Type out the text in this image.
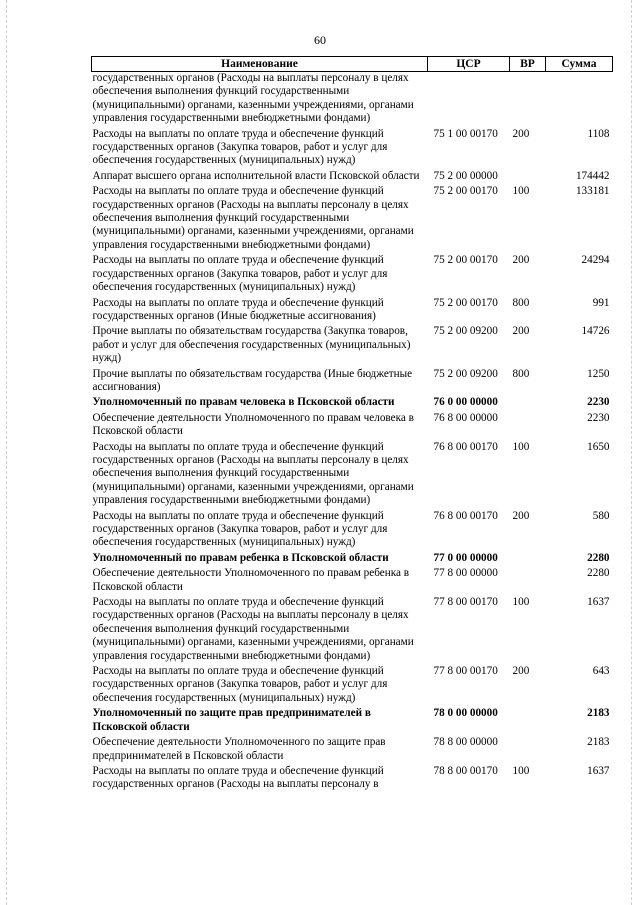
60
Наименование	ЦСР	ВР	Сумма
государственных органов (Расходы на выплаты персоналу в целях обеспечения выполнения функций государственными (муниципальными) органами, казенными учреждениями, органами управления государственными внебюджетными фондами)			
Расходы на выплаты по оплате труда и обеспечение функций государственных органов (Закупка товаров, работ и услуг для обеспечения государственных (муниципальных) нужд)	75 1 00 00170	200	1108
Аппарат высшего органа исполнительной власти Псковской области	75 2 00 00000		174442
Расходы на выплаты по оплате труда и обеспечение функций государственных органов (Расходы на выплаты персоналу в целях обеспечения выполнения функций государственными (муниципальными) органами, казенными учреждениями, органами управления государственными внебюджетными фондами)	75 2 00 00170	100	133181
Расходы на выплаты по оплате труда и обеспечение функций государственных органов (Закупка товаров, работ и услуг для обеспечения государственных (муниципальных) нужд)	75 2 00 00170	200	24294
Расходы на выплаты по оплате труда и обеспечение функций государственных органов (Иные бюджетные ассигнования)	75 2 00 00170	800	991
Прочие выплаты по обязательствам государства (Закупка товаров, работ и услуг для обеспечения государственных (муниципальных) нужд)	75 2 00 09200	200	14726
Прочие выплаты по обязательствам государства (Иные бюджетные ассигнования)	75 2 00 09200	800	1250
Уполномоченный по правам человека в Псковской области	76 0 00 00000		2230
Обеспечение деятельности Уполномоченного по правам человека в Псковской области	76 8 00 00000		2230
Расходы на выплаты по оплате труда и обеспечение функций государственных органов (Расходы на выплаты персоналу в целях обеспечения выполнения функций государственными (муниципальными) органами, казенными учреждениями, органами управления государственными внебюджетными фондами)	76 8 00 00170	100	1650
Расходы на выплаты по оплате труда и обеспечение функций государственных органов (Закупка товаров, работ и услуг для обеспечения государственных (муниципальных) нужд)	76 8 00 00170	200	580
Уполномоченный по правам ребенка в Псковской области	77 0 00 00000		2280
Обеспечение деятельности Уполномоченного по правам ребенка в Псковской области	77 8 00 00000		2280
Расходы на выплаты по оплате труда и обеспечение функций государственных органов (Расходы на выплаты персоналу в целях обеспечения выполнения функций государственными (муниципальными) органами, казенными учреждениями, органами управления государственными внебюджетными фондами)	77 8 00 00170	100	1637
Расходы на выплаты по оплате труда и обеспечение функций государственных органов (Закупка товаров, работ и услуг для обеспечения государственных (муниципальных) нужд)	77 8 00 00170	200	643
Уполномоченный по защите прав предпринимателей в Псковской области	78 0 00 00000		2183
Обеспечение деятельности Уполномоченного по защите прав предпринимателей в Псковской области	78 8 00 00000		2183
Расходы на выплаты по оплате труда и обеспечение функций государственных органов (Расходы на выплаты персоналу в	78 8 00 00170	100	1637
